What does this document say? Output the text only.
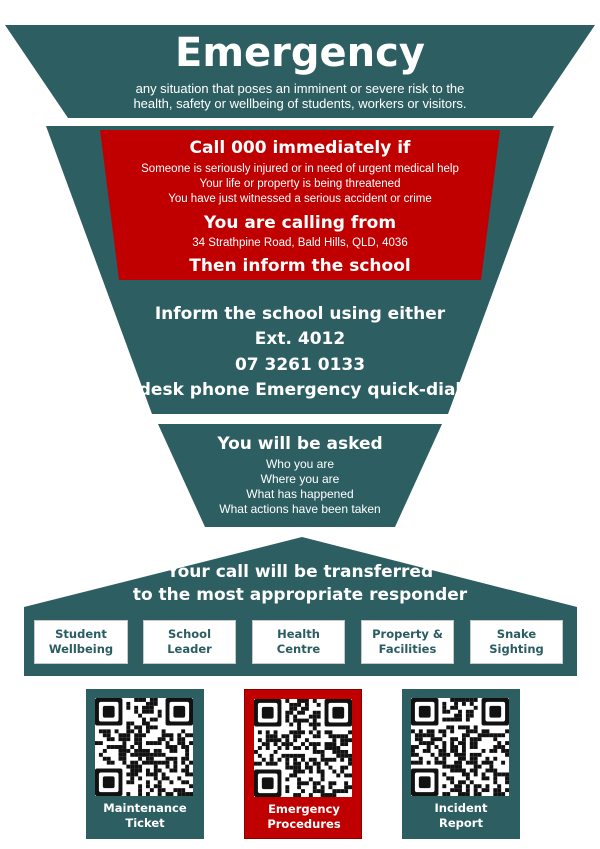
Emergency
any situation that poses an imminent or severe risk to the
health, safety or wellbeing of students, workers or visitors.
Call 000 immediately if
Someone is seriously injured or in need of urgent medical help
Your life or property is being threatened
You have just witnessed a serious accident or crime
You are calling from
34 Strathpine Road, Bald Hills, QLD, 4036
Then inform the school
Inform the school using either
Ext. 4012
07 3261 0133
desk phone Emergency quick-dial
You will be asked
Who you are
Where you are
What has happened
What actions have been taken
Your call will be transferred
to the most appropriate responder
Student
Wellbeing
School
Leader
Health
Centre
Property &
Facilities
Snake
Sighting
Maintenance
Ticket
Emergency
Procedures
Incident
Report
